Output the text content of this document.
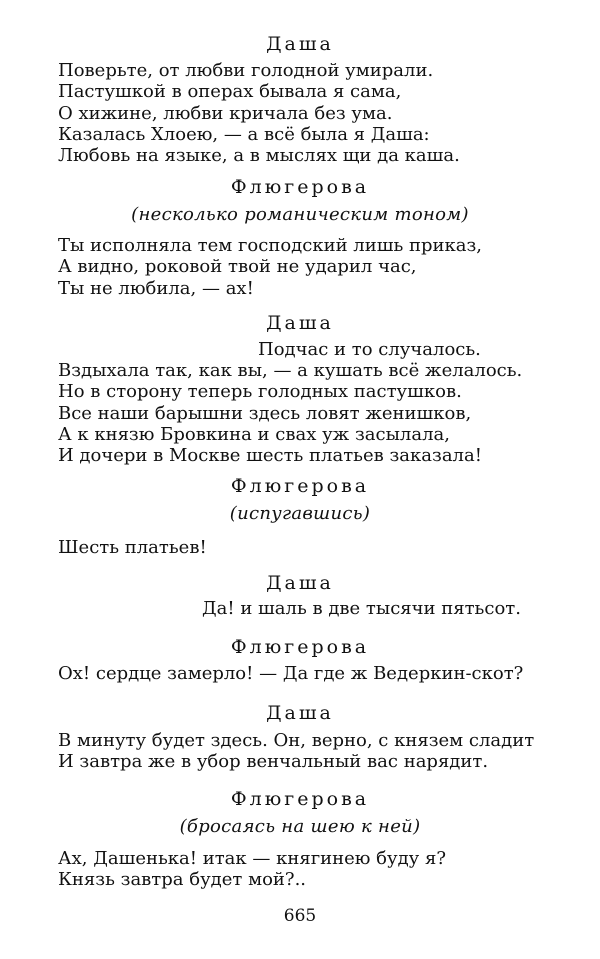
Даша
Поверьте, от любви голодной умирали.
Пастушкой в операх бывала я сама,
О хижине, любви кричала без ума.
Казалась Хлоею, — а всё была я Даша:
Любовь на языке, а в мыслях щи да каша.
Флюгерова
(несколько романическим тоном)
Ты исполняла тем господский лишь приказ,
А видно, роковой твой не ударил час,
Ты не любила, — ах!
Даша
Подчас и то случалось.
Вздыхала так, как вы, — а кушать всё желалось.
Но в сторону теперь голодных пастушков.
Все наши барышни здесь ловят женишков,
А к князю Бровкина и свах уж засылала,
И дочери в Москве шесть платьев заказала!
Флюгерова
(испугавшись)
Шесть платьев!
Даша
Да! и шаль в две тысячи пятьсот.
Флюгерова
Ох! сердце замерло! — Да где ж Ведеркин-скот?
Даша
В минуту будет здесь. Он, верно, с князем сладит
И завтра же в убор венчальный вас нарядит.
Флюгерова
(бросаясь на шею к ней)
Ах, Дашенька! итак — княгинею буду я?
Князь завтра будет мой?..
665
